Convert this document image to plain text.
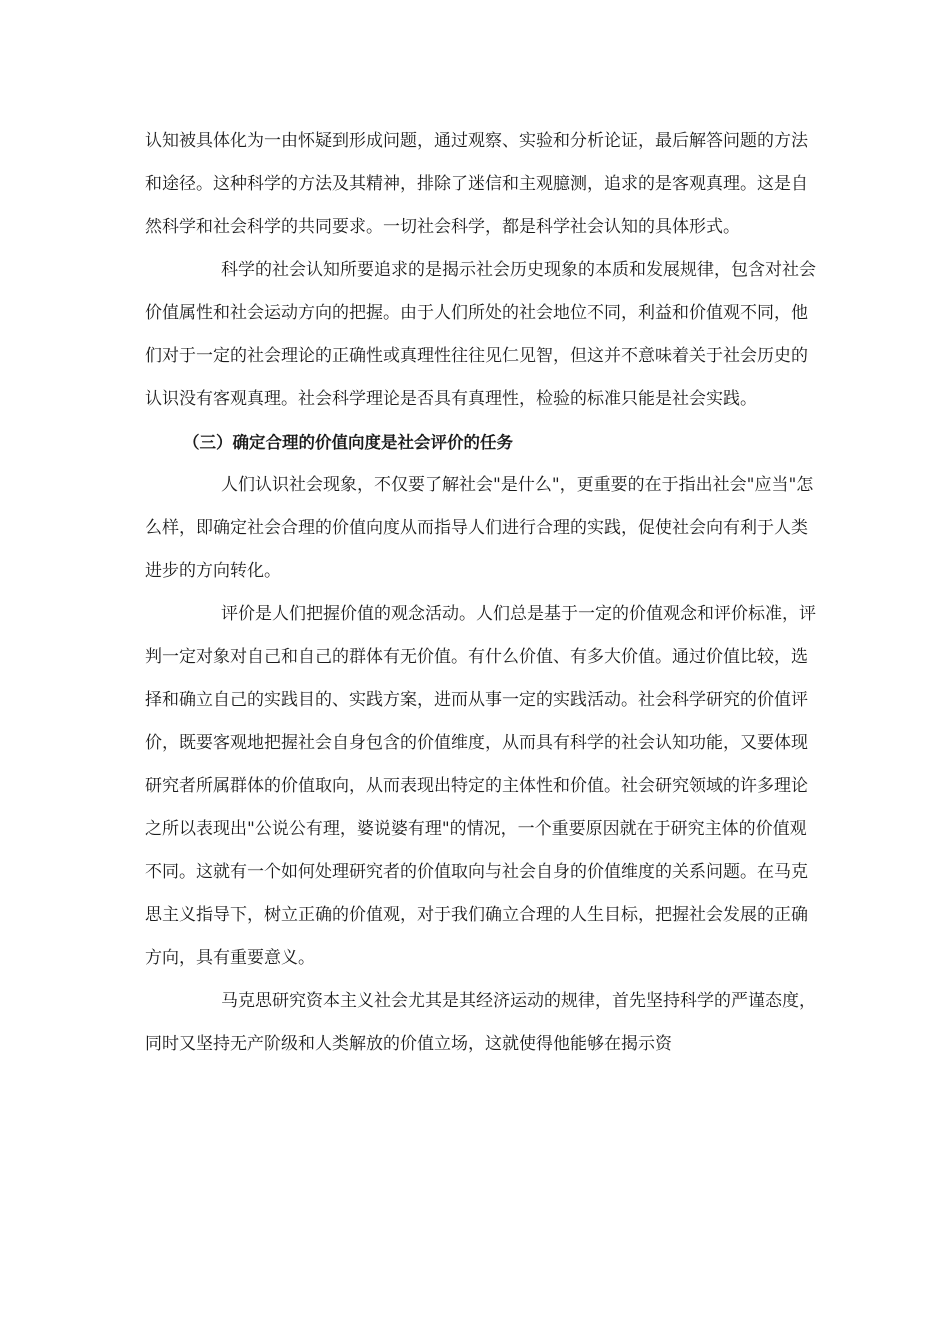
认知被具体化为一由怀疑到形成问题，通过观察、实验和分析论证，最后解答问题的方法和途径。这种科学的方法及其精神，排除了迷信和主观臆测，追求的是客观真理。这是自然科学和社会科学的共同要求。一切社会科学，都是科学社会认知的具体形式。

科学的社会认知所要追求的是揭示社会历史现象的本质和发展规律，包含对社会价值属性和社会运动方向的把握。由于人们所处的社会地位不同，利益和价值观不同，他们对于一定的社会理论的正确性或真理性往往见仁见智，但这并不意味着关于社会历史的认识没有客观真理。社会科学理论是否具有真理性，检验的标准只能是社会实践。

（三）确定合理的价值向度是社会评价的任务

人们认识社会现象，不仅要了解社会"是什么"，更重要的在于指出社会"应当"怎么样，即确定社会合理的价值向度从而指导人们进行合理的实践，促使社会向有利于人类进步的方向转化。

评价是人们把握价值的观念活动。人们总是基于一定的价值观念和评价标准，评判一定对象对自己和自己的群体有无价值。有什么价值、有多大价值。通过价值比较，选择和确立自己的实践目的、实践方案，进而从事一定的实践活动。社会科学研究的价值评价，既要客观地把握社会自身包含的价值维度，从而具有科学的社会认知功能，又要体现研究者所属群体的价值取向，从而表现出特定的主体性和价值。社会研究领域的许多理论之所以表现出"公说公有理，婆说婆有理"的情况，一个重要原因就在于研究主体的价值观不同。这就有一个如何处理研究者的价值取向与社会自身的价值维度的关系问题。在马克思主义指导下，树立正确的价值观，对于我们确立合理的人生目标，把握社会发展的正确方向，具有重要意义。

马克思研究资本主义社会尤其是其经济运动的规律，首先坚持科学的严谨态度，同时又坚持无产阶级和人类解放的价值立场，这就使得他能够在揭示资
